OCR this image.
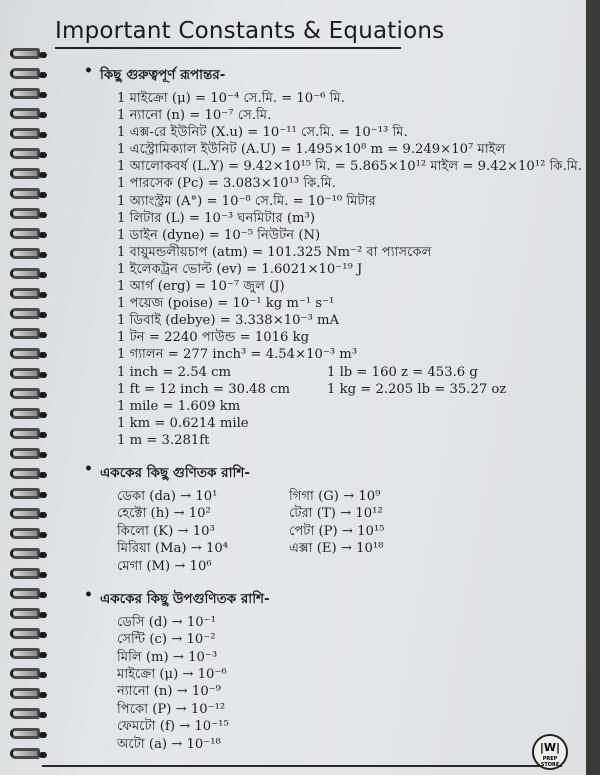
Important Constants & Equations
• কিছু গুরুত্বপূর্ণ রূপান্তর-
1 মাইক্রো (μ) = 10⁻⁴ সে.মি. = 10⁻⁶ মি.
1 ন্যানো (n) = 10⁻⁷ সে.মি.
1 এক্স-রে ইউনিট (X.u) = 10⁻¹¹ সে.মি. = 10⁻¹³ মি.
1 এস্ট্রোমিক্যাল ইউনিট (A.U) = 1.495×10⁸ m = 9.249×10⁷ মাইল
1 আলোকবর্ষ (L.Y) = 9.42×10¹⁵ মি. = 5.865×10¹² মাইল = 9.42×10¹² কি.মি.
1 পারসেক (Pc) = 3.083×10¹³ কি.মি.
1 অ্যাংস্ট্রম (A°) = 10⁻⁸ সে.মি. = 10⁻¹⁰ মিটার
1 লিটার (L) = 10⁻³ ঘনমিটার (m³)
1 ডাইন (dyne) = 10⁻⁵ নিউটন (N)
1 বায়ুমন্ডলীয়চাপ (atm) = 101.325 Nm⁻² বা প্যাসকেল
1 ইলেকট্রন ভোল্ট (ev) = 1.6021×10⁻¹⁹ J
1 আর্গ (erg) = 10⁻⁷ জুল (J)
1 পয়েজ (poise) = 10⁻¹ kg m⁻¹ s⁻¹
1 ডিবাই (debye) = 3.338×10⁻³ mA
1 টন = 2240 পাউন্ড = 1016 kg
1 গ্যালন = 277 inch³ = 4.54×10⁻³ m³
1 inch = 2.54 cm	1 lb = 160 z = 453.6 g
1 ft = 12 inch = 30.48 cm	1 kg = 2.205 lb = 35.27 oz
1 mile = 1.609 km
1 km = 0.6214 mile
1 m = 3.281ft
• এককের কিছু গুণিতক রাশি-
ডেকা (da) → 10¹	গিগা (G) → 10⁹
হেক্টো (h) → 10²	টেরা (T) → 10¹²
কিলো (K) → 10³	পেটা (P) → 10¹⁵
মিরিয়া (Ma) → 10⁴	এক্সা (E) → 10¹⁸
মেগা (M) → 10⁶
• এককের কিছু উপগুণিতক রাশি-
ডেসি (d) → 10⁻¹
সেন্টি (c) → 10⁻²
মিলি (m) → 10⁻³
মাইক্রো (μ) → 10⁻⁶
ন্যানো (n) → 10⁻⁹
পিকো (P) → 10⁻¹²
ফেমটো (f) → 10⁻¹⁵
অটো (a) → 10⁻¹⁸	|W|
PREP STORE
